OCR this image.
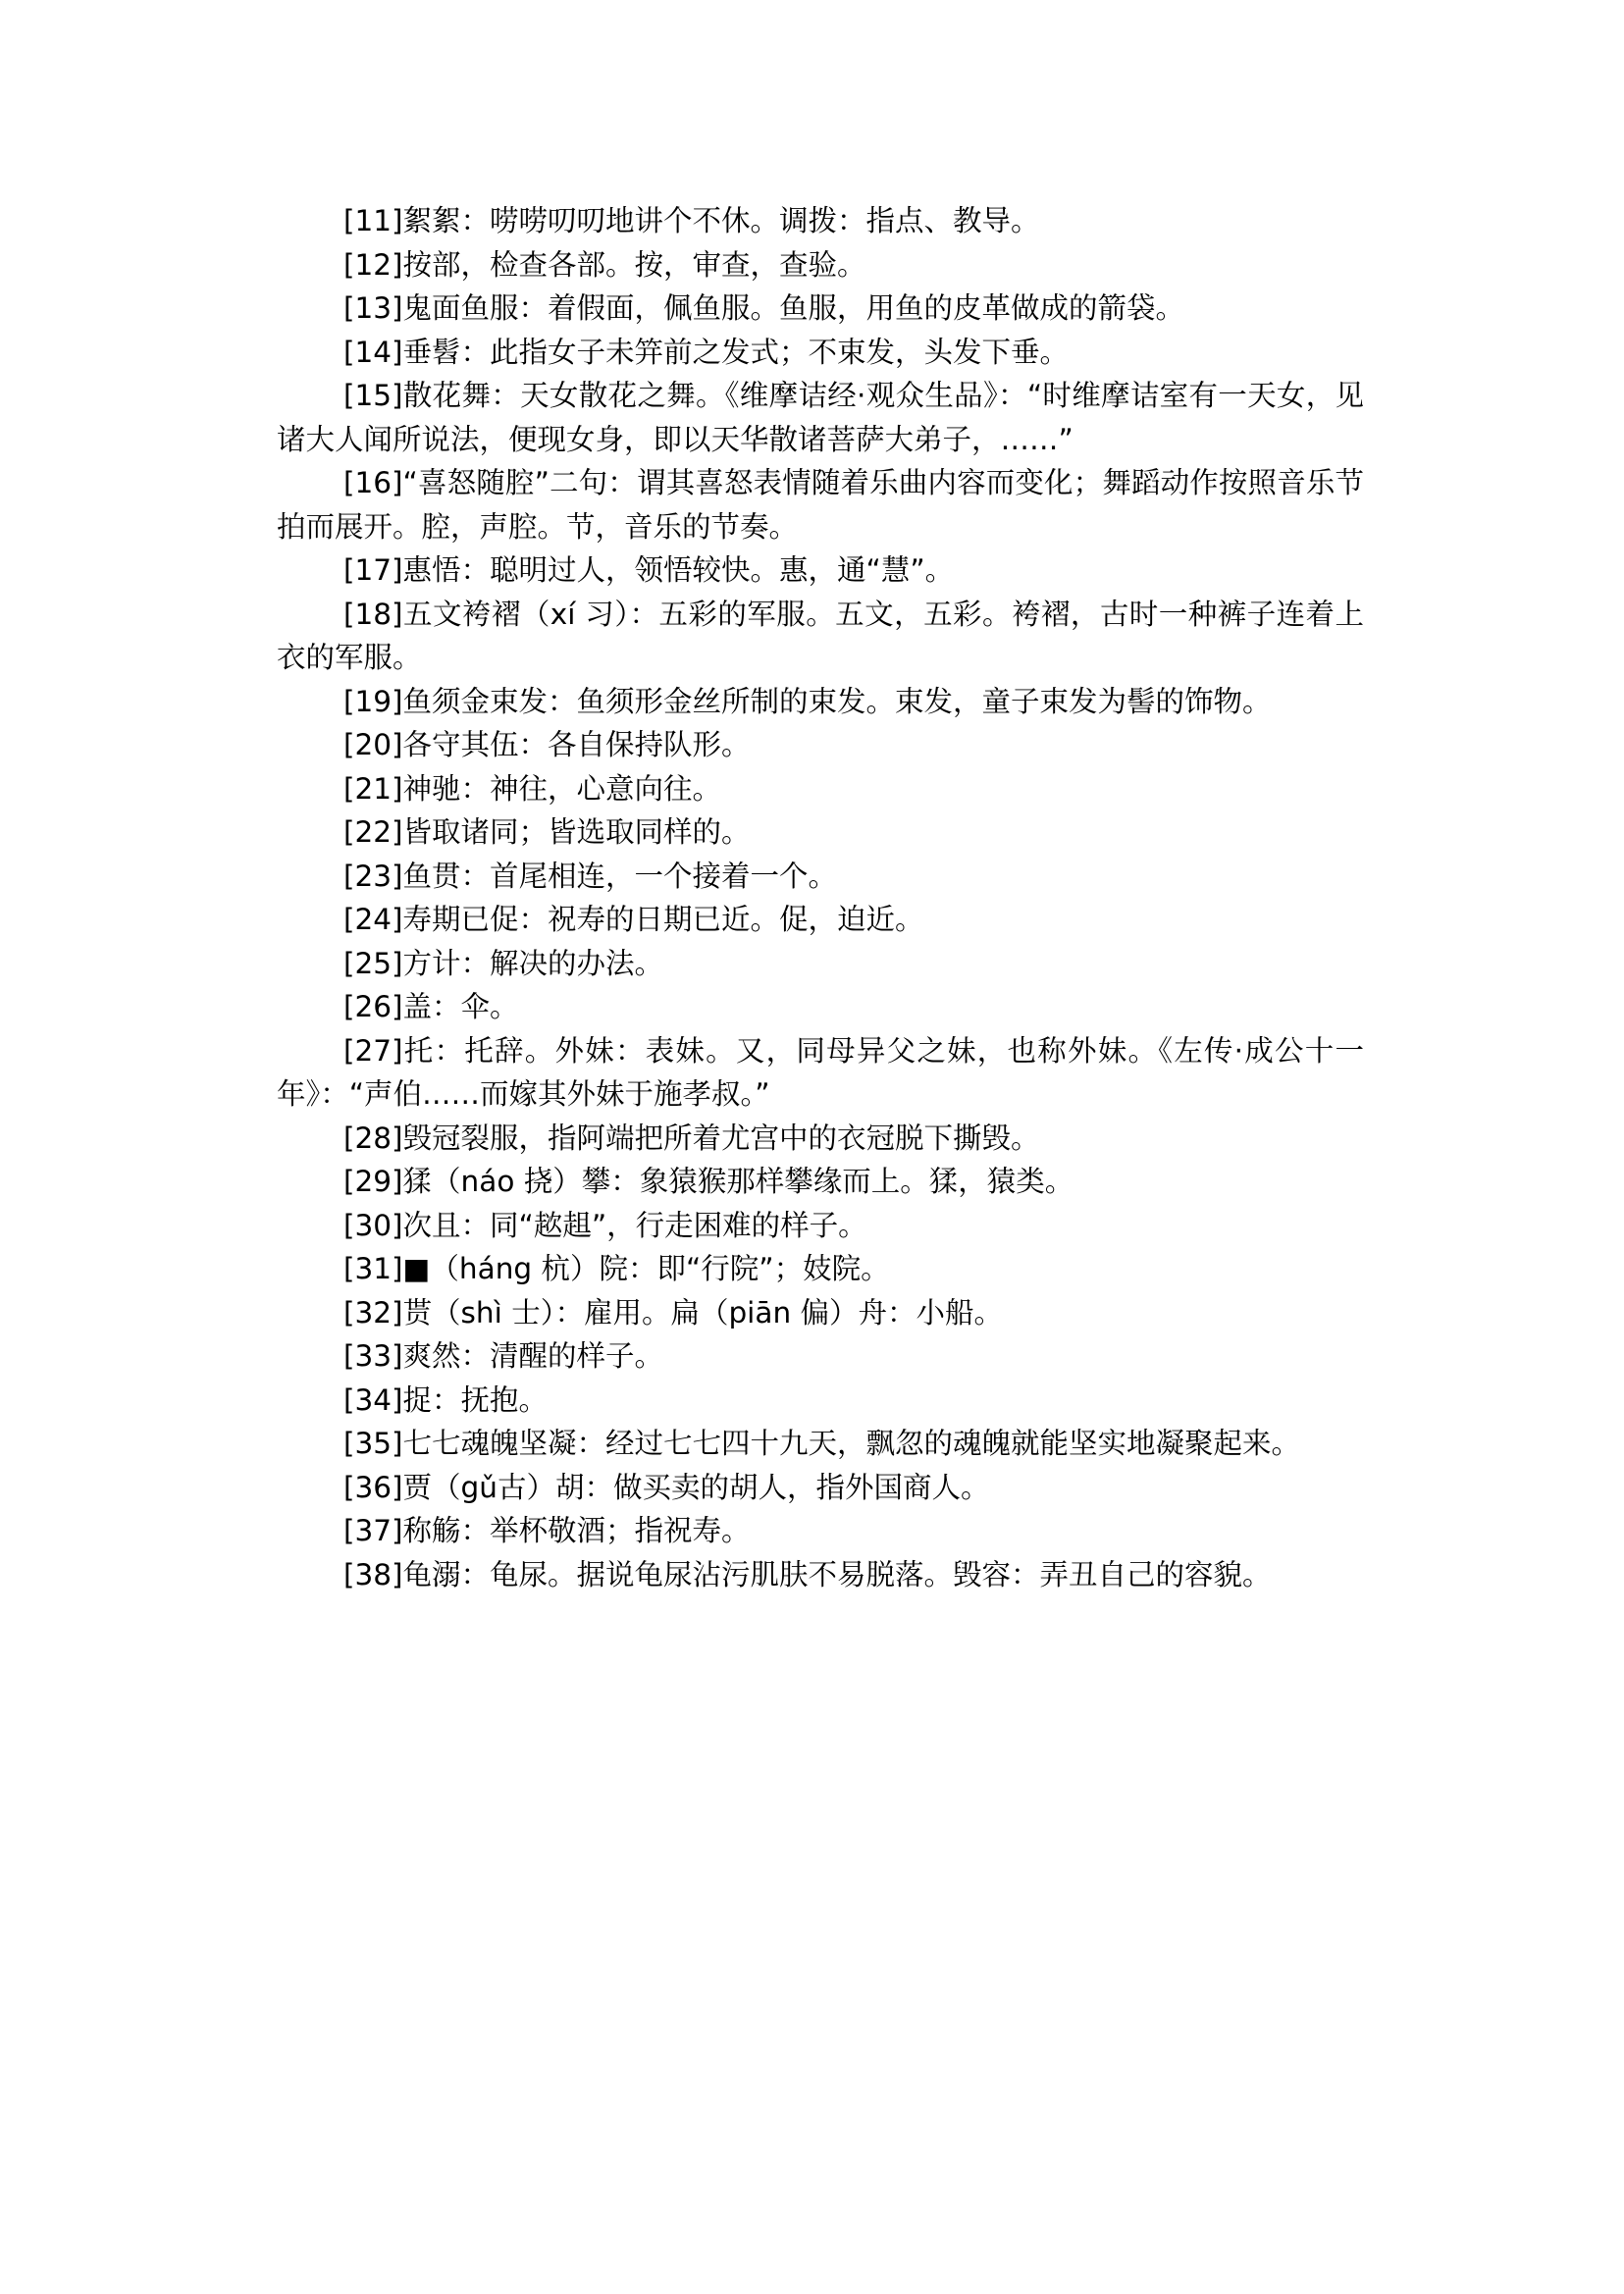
[11]絮絮：唠唠叨叨地讲个不休。调拨：指点、教导。

[12]按部，检查各部。按，审查，查验。

[13]鬼面鱼服：着假面，佩鱼服。鱼服，用鱼的皮革做成的箭袋。

[14]垂髫：此指女子未笄前之发式；不束发，头发下垂。

[15]散花舞：天女散花之舞。《维摩诘经·观众生品》：“时维摩诘室有一天女，见诸大人闻所说法，便现女身，即以天华散诸菩萨大弟子，……”

[16]“喜怒随腔”二句：谓其喜怒表情随着乐曲内容而变化；舞蹈动作按照音乐节拍而展开。腔，声腔。节，音乐的节奏。

[17]惠悟：聪明过人，领悟较快。惠，通“慧”。

[18]五文袴褶（xí 习）：五彩的军服。五文，五彩。袴褶，古时一种裤子连着上衣的军服。

[19]鱼须金束发：鱼须形金丝所制的束发。束发，童子束发为髻的饰物。

[20]各守其伍：各自保持队形。

[21]神驰：神往，心意向往。

[22]皆取诸同；皆选取同样的。

[23]鱼贯：首尾相连，一个接着一个。

[24]寿期已促：祝寿的日期已近。促，迫近。

[25]方计：解决的办法。

[26]盖：伞。

[27]托：托辞。外妹：表妹。又，同母异父之妹，也称外妹。《左传·成公十一年》：“声伯……而嫁其外妹于施孝叔。”

[28]毁冠裂服，指阿端把所着尤宫中的衣冠脱下撕毁。

[29]猱（náo 挠）攀：象猿猴那样攀缘而上。猱，猿类。

[30]次且：同“趑趄”，行走困难的样子。

[31]■（háng 杭）院：即“行院”；妓院。

[32]贳（shì 士）：雇用。扁（piān 偏）舟：小船。

[33]爽然：清醒的样子。

[34]捉：抚抱。

[35]七七魂魄坚凝：经过七七四十九天，飘忽的魂魄就能坚实地凝聚起来。

[36]贾（gǔ古）胡：做买卖的胡人，指外国商人。

[37]称觞：举杯敬酒；指祝寿。

[38]龟溺：龟尿。据说龟尿沾污肌肤不易脱落。毁容：弄丑自己的容貌。
